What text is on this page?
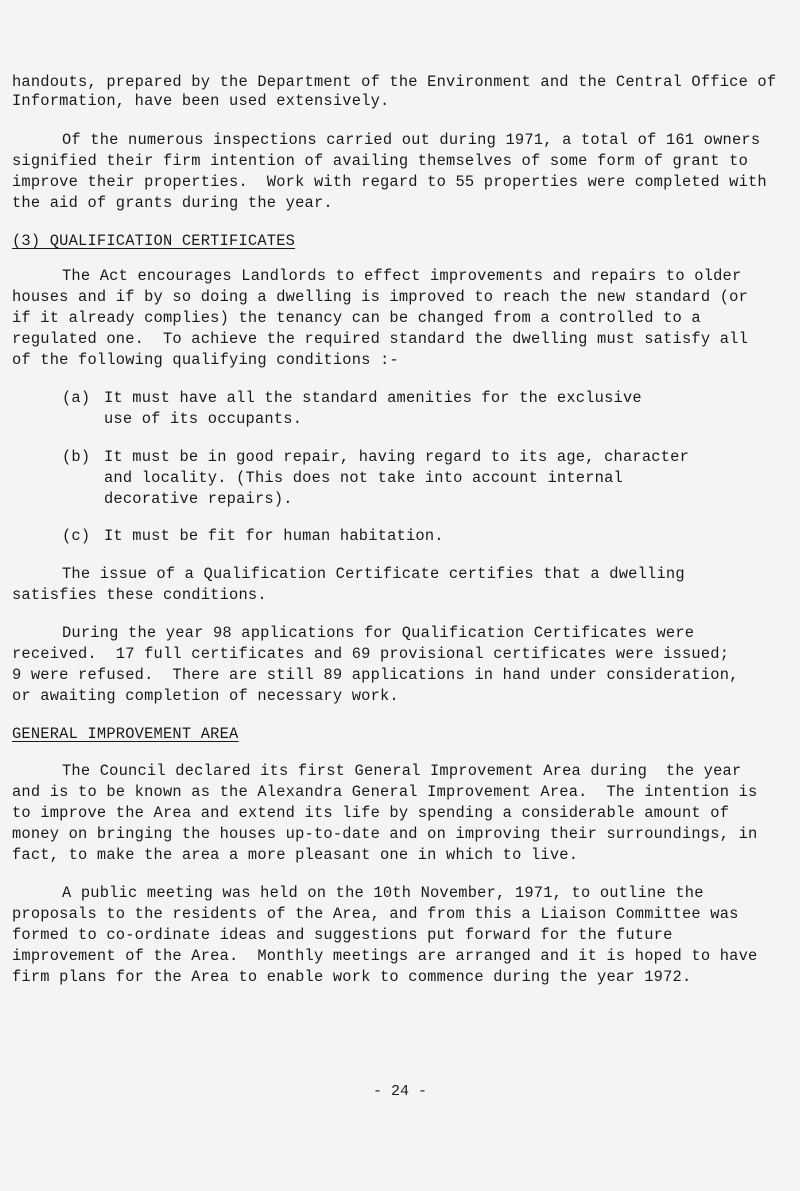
handouts, prepared by the Department of the Environment and the Central Office of
Information, have been used extensively.
Of the numerous inspections carried out during 1971, a total of 161 owners
signified their firm intention of availing themselves of some form of grant to
improve their properties.  Work with regard to 55 properties were completed with
the aid of grants during the year.
(3) QUALIFICATION CERTIFICATES
The Act encourages Landlords to effect improvements and repairs to older
houses and if by so doing a dwelling is improved to reach the new standard (or
if it already complies) the tenancy can be changed from a controlled to a
regulated one.  To achieve the required standard the dwelling must satisfy all
of the following qualifying conditions :-
(a) It must have all the standard amenities for the exclusive
use of its occupants.
(b) It must be in good repair, having regard to its age, character
and locality. (This does not take into account internal
decorative repairs).
(c) It must be fit for human habitation.
The issue of a Qualification Certificate certifies that a dwelling
satisfies these conditions.
During the year 98 applications for Qualification Certificates were
received.  17 full certificates and 69 provisional certificates were issued;
9 were refused.  There are still 89 applications in hand under consideration,
or awaiting completion of necessary work.
GENERAL IMPROVEMENT AREA
The Council declared its first General Improvement Area during  the year
and is to be known as the Alexandra General Improvement Area.  The intention is
to improve the Area and extend its life by spending a considerable amount of
money on bringing the houses up-to-date and on improving their surroundings, in
fact, to make the area a more pleasant one in which to live.
A public meeting was held on the 10th November, 1971, to outline the
proposals to the residents of the Area, and from this a Liaison Committee was
formed to co-ordinate ideas and suggestions put forward for the future
improvement of the Area.  Monthly meetings are arranged and it is hoped to have
firm plans for the Area to enable work to commence during the year 1972.
- 24 -
